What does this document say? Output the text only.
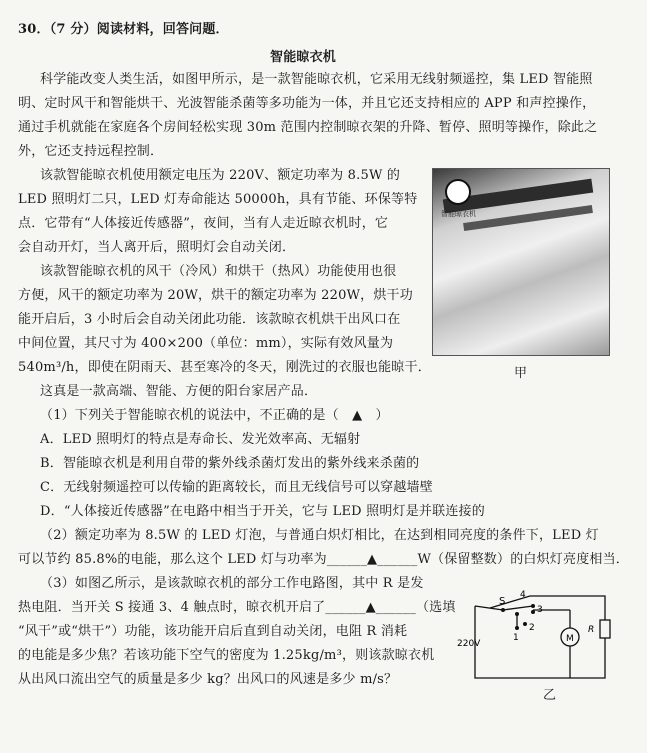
30．（7 分）阅读材料，回答问题．
智能晾衣机
科学能改变人类生活，如图甲所示，是一款智能晾衣机，它采用无线射频遥控，集 LED 智能照
明、定时风干和智能烘干、光波智能杀菌等多功能为一体，并且它还支持相应的 APP 和声控操作，
通过手机就能在家庭各个房间轻松实现 30m 范围内控制晾衣架的升降、暂停、照明等操作，除此之
外，它还支持远程控制．
该款智能晾衣机使用额定电压为 220V、额定功率为 8.5W 的
LED 照明灯二只，LED 灯寿命能达 50000h，具有节能、环保等特
点．它带有“人体接近传感器”，夜间，当有人走近晾衣机时，它
会自动开灯，当人离开后，照明灯会自动关闭．
该款智能晾衣机的风干（冷风）和烘干（热风）功能使用也很
方便，风干的额定功率为 20W，烘干的额定功率为 220W，烘干功
能开启后，3 小时后会自动关闭此功能．该款晾衣机烘干出风口在
中间位置，其尺寸为 400×200（单位：mm），实际有效风量为
540m³/h，即使在阴雨天、甚至寒冷的冬天，刚洗过的衣服也能晾干．
这真是一款高端、智能、方便的阳台家居产品．
（1）下列关于智能晾衣机的说法中，不正确的是（　▲　）
A．LED 照明灯的特点是寿命长、发光效率高、无辐射
B．智能晾衣机是利用自带的紫外线杀菌灯发出的紫外线来杀菌的
C．无线射频遥控可以传输的距离较长，而且无线信号可以穿越墙壁
D．“人体接近传感器”在电路中相当于开关，它与 LED 照明灯是并联连接的
（2）额定功率为 8.5W 的 LED 灯泡，与普通白炽灯相比，在达到相同亮度的条件下，LED 灯
可以节约 85.8%的电能，那么这个 LED 灯与功率为______▲______W（保留整数）的白炽灯亮度相当．
（3）如图乙所示，是该款晾衣机的部分工作电路图，其中 R 是发
热电阻．当开关 S 接通 3、4 触点时，晾衣机开启了______▲______（选填
“风干”或“烘干”）功能，该功能开启后直到自动关闭，电阻 R 消耗
的电能是多少焦？若该功能下空气的密度为 1.25kg/m³，则该款晾衣机
从出风口流出空气的质量是多少 kg？出风口的风速是多少 m/s？
智能晾衣机
甲
S
4
3
2
1
220V	M
R
乙
